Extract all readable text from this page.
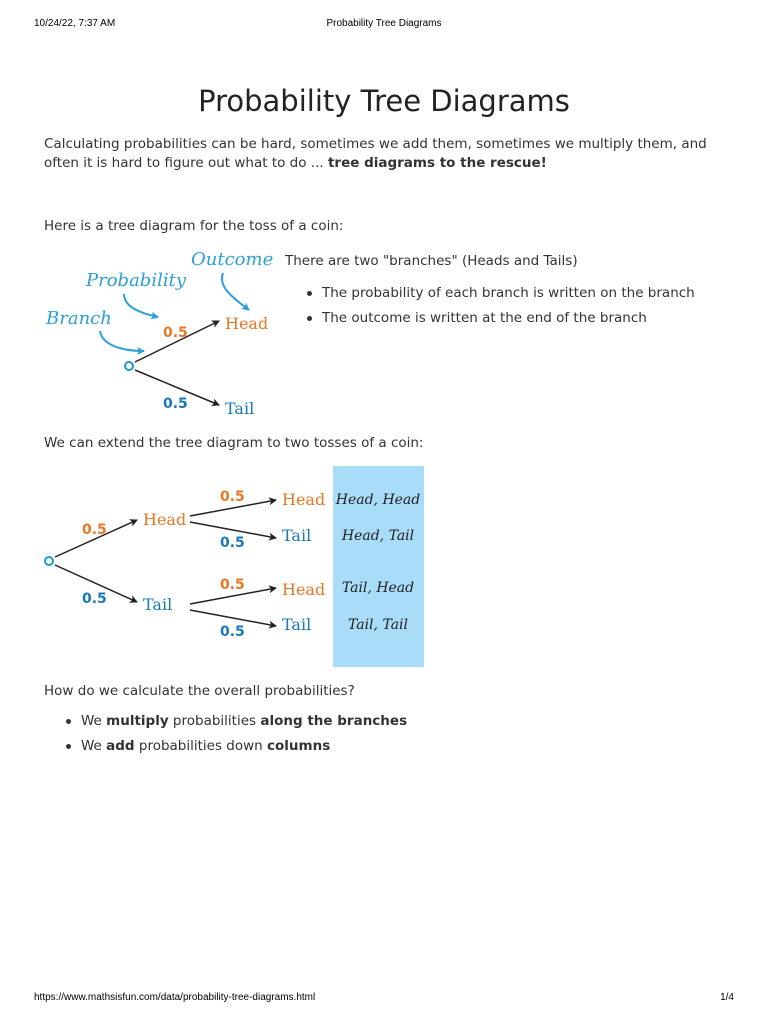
10/24/22, 7:37 AM	Probability Tree Diagrams
Probability Tree Diagrams
Calculating probabilities can be hard, sometimes we add them, sometimes we multiply them, and often it is hard to figure out what to do ... tree diagrams to the rescue!
Here is a tree diagram for the toss of a coin:
Outcome
Probability
Branch
0.5
0.5
Head
Tail
There are two "branches" (Heads and Tails)
The probability of each branch is written on the branch
The outcome is written at the end of the branch
We can extend the tree diagram to two tosses of a coin:
0.5
0.5
Head
Tail
0.5
0.5
0.5
0.5
Head
Tail
Head
Tail
Head, Head
Head, Tail
Tail, Head
Tail, Tail
How do we calculate the overall probabilities?
We multiply probabilities along the branches
We add probabilities down columns
https://www.mathsisfun.com/data/probability-tree-diagrams.html	1/4
